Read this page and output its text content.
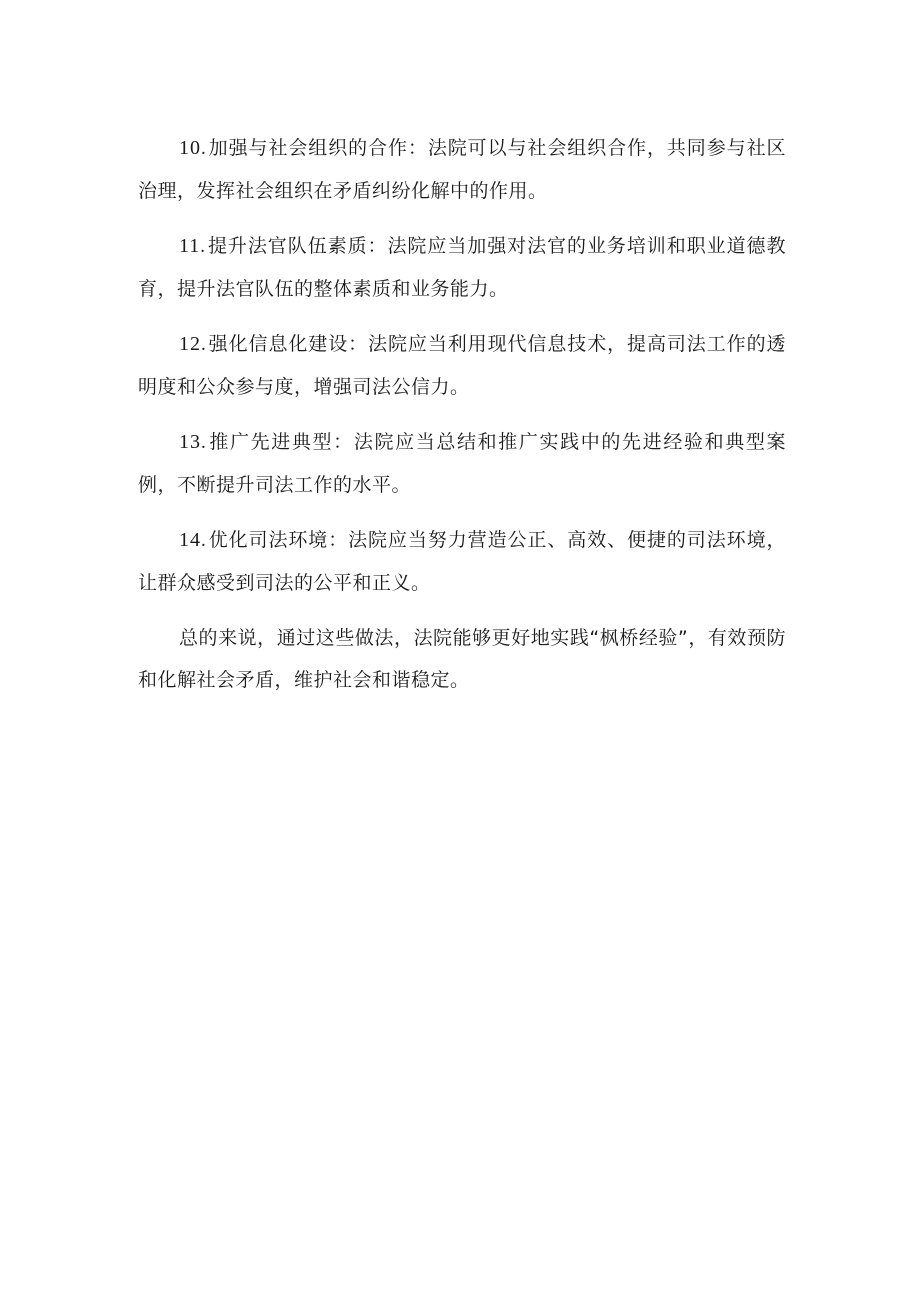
10. 加强与社会组织的合作：法院可以与社会组织合作，共同参与社区治理，发挥社会组织在矛盾纠纷化解中的作用。

11. 提升法官队伍素质：法院应当加强对法官的业务培训和职业道德教育，提升法官队伍的整体素质和业务能力。

12. 强化信息化建设：法院应当利用现代信息技术，提高司法工作的透明度和公众参与度，增强司法公信力。

13. 推广先进典型：法院应当总结和推广实践中的先进经验和典型案例，不断提升司法工作的水平。

14. 优化司法环境：法院应当努力营造公正、高效、便捷的司法环境，让群众感受到司法的公平和正义。

总的来说，通过这些做法，法院能够更好地实践“枫桥经验”，有效预防和化解社会矛盾，维护社会和谐稳定。
